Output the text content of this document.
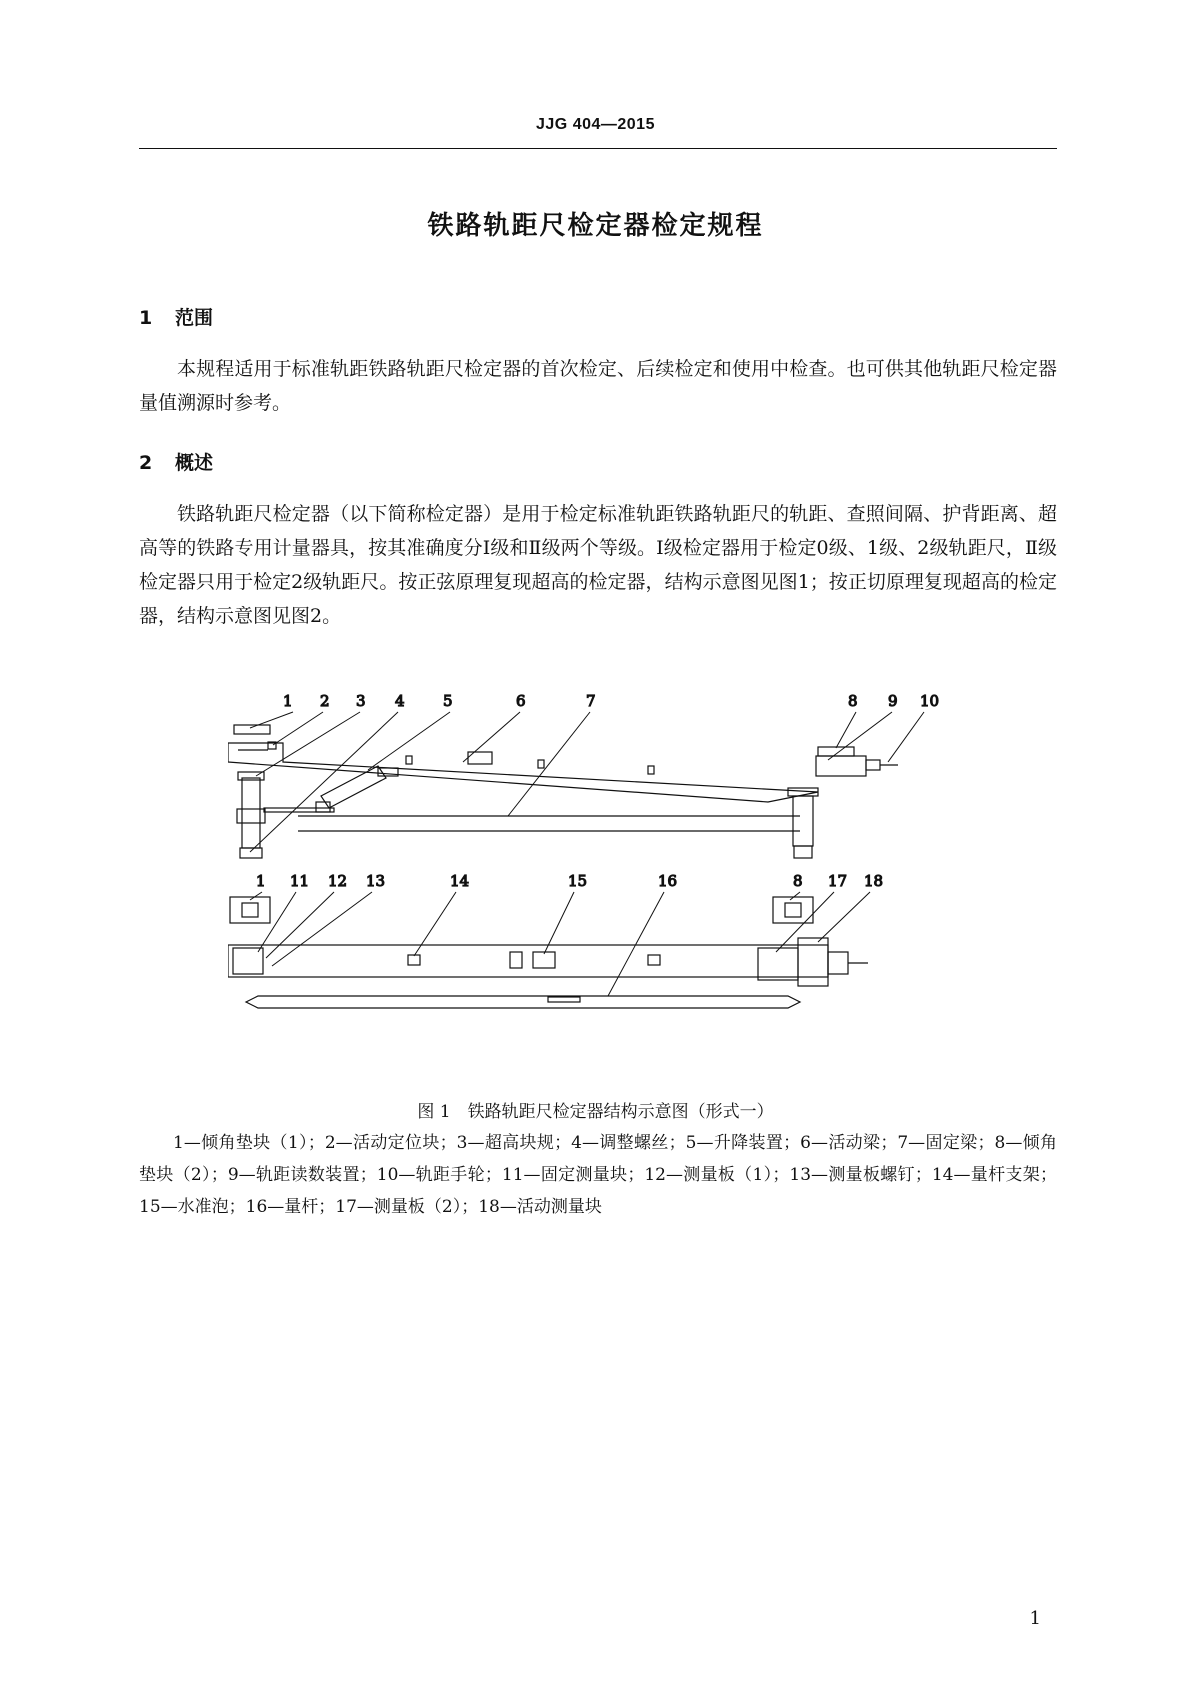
JJG 404—2015
铁路轨距尺检定器检定规程
1 范围
本规程适用于标准轨距铁路轨距尺检定器的首次检定、后续检定和使用中检查。也可供其他轨距尺检定器量值溯源时参考。
2 概述
铁路轨距尺检定器（以下简称检定器）是用于检定标准轨距铁路轨距尺的轨距、查照间隔、护背距离、超高等的铁路专用计量器具，按其准确度分Ⅰ级和Ⅱ级两个等级。Ⅰ级检定器用于检定0级、1级、2级轨距尺，Ⅱ级检定器只用于检定2级轨距尺。按正弦原理复现超高的检定器，结构示意图见图1；按正切原理复现超高的检定器，结构示意图见图2。
1 2 3 4	5	6	7	8 9 10
1 11 12 13	14	15	16	8 17 18
图 1　铁路轨距尺检定器结构示意图（形式一）
1—倾角垫块（1）；2—活动定位块；3—超高块规；4—调整螺丝；5—升降装置；6—活动梁；7—固定梁；8—倾角垫块（2）；9—轨距读数装置；10—轨距手轮；11—固定测量块；12—测量板（1）；13—测量板螺钉；14—量杆支架；15—水准泡；16—量杆；17—测量板（2）；18—活动测量块
1
